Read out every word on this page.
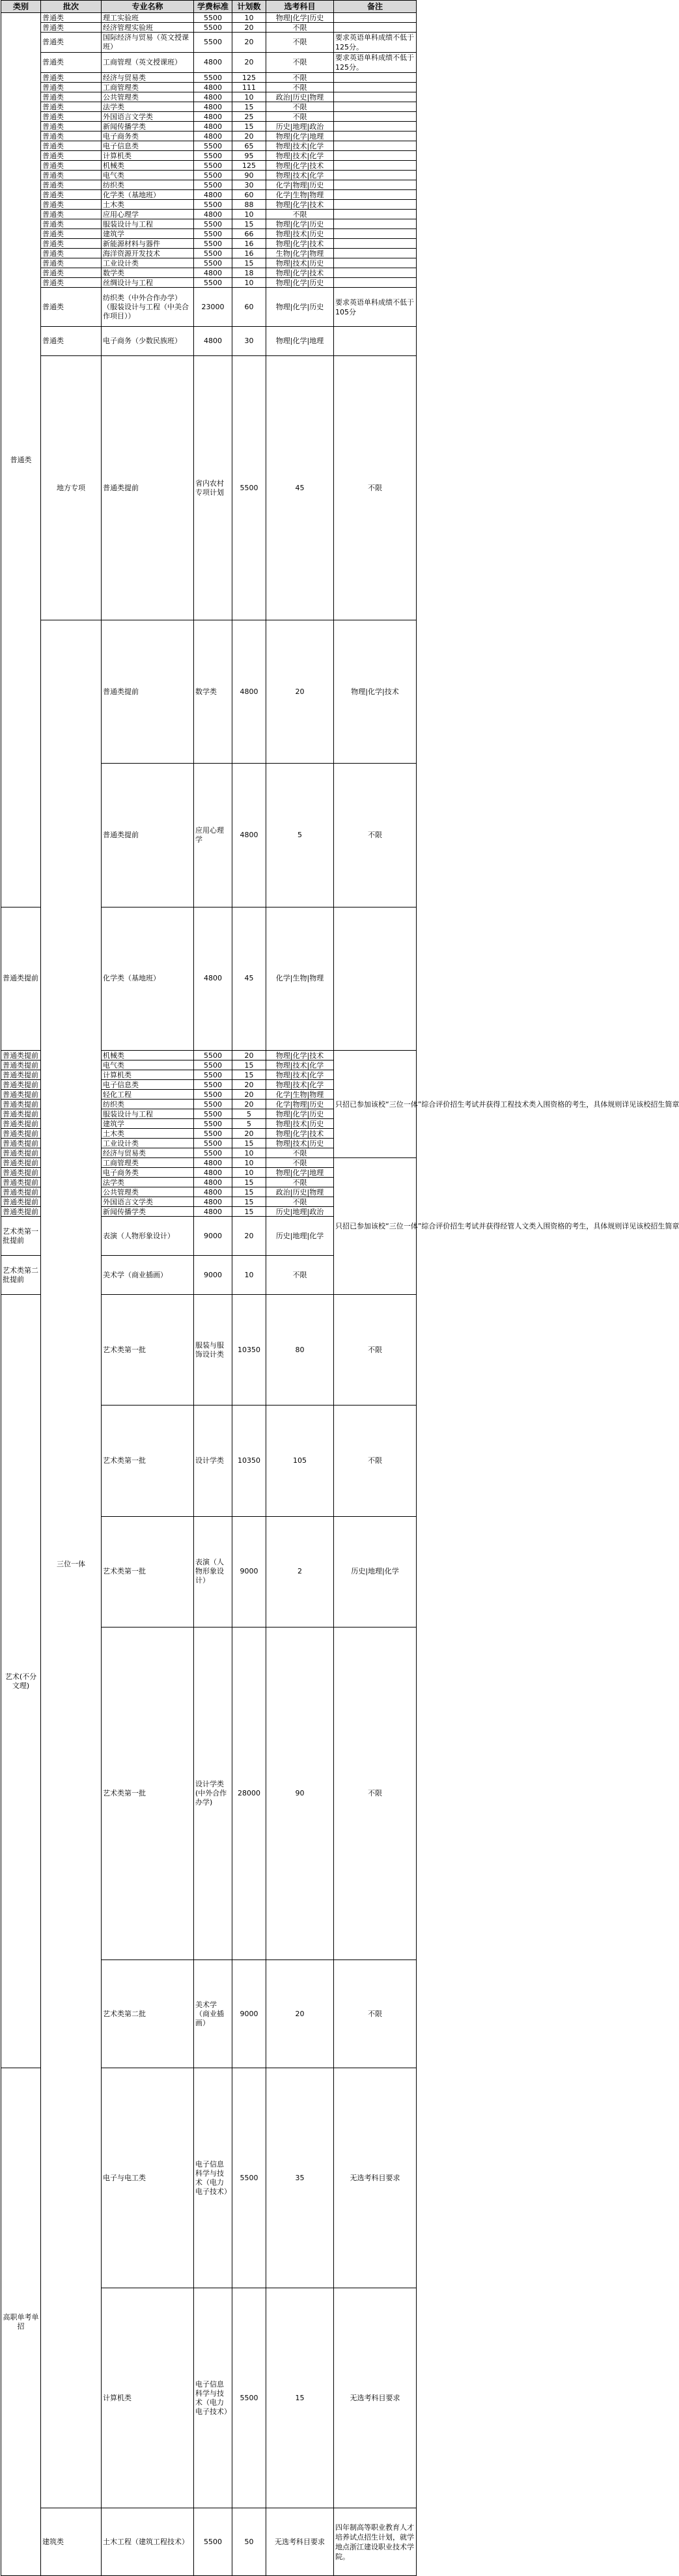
类别	批次	专业名称	学费标准	计划数	选考科目	备注	
普通类	普通类	理工实验班	5500	10	物理|化学|历史		
	普通类	经济管理实验班	5500	20	不限		
	普通类	国际经济与贸易（英文授课班）	5500	20	不限	要求英语单科成绩不低于125分。	
	普通类	工商管理（英文授课班）	4800	20	不限	要求英语单科成绩不低于125分。	
	普通类	经济与贸易类	5500	125	不限		
	普通类	工商管理类	4800	111	不限		
	普通类	公共管理类	4800	10	政治|历史|物理		
	普通类	法学类	4800	15	不限		
	普通类	外国语言文学类	4800	25	不限		
	普通类	新闻传播学类	4800	15	历史|地理|政治		
	普通类	电子商务类	4800	20	物理|化学|地理		
	普通类	电子信息类	5500	65	物理|技术|化学		
	普通类	计算机类	5500	95	物理|技术|化学		
	普通类	机械类	5500	125	物理|化学|技术		
	普通类	电气类	5500	90	物理|技术|化学		
	普通类	纺织类	5500	30	化学|物理|历史		
	普通类	化学类（基地班）	4800	60	化学|生物|物理		
	普通类	土木类	5500	88	物理|化学|技术		
	普通类	应用心理学	4800	10	不限		
	普通类	服装设计与工程	5500	15	物理|化学|历史		
	普通类	建筑学	5500	66	物理|技术|历史		
	普通类	新能源材料与器件	5500	16	物理|化学|技术		
	普通类	海洋资源开发技术	5500	16	生物|化学|物理		
	普通类	工业设计类	5500	15	物理|技术|历史		
	普通类	数学类	4800	18	物理|化学|技术		
	普通类	丝绸设计与工程	5500	10	物理|化学|历史		
	普通类	纺织类（中外合作办学）（服装设计与工程（中美合作项目））	23000	60	物理|化学|历史	要求英语单科成绩不低于105分	
	普通类	电子商务（少数民族班）	4800	30	物理|化学|地理		
	地方专项	普通类提前	省内农村专项计划	5500	45	不限	
	三位一体	普通类提前	数学类	4800	20	物理|化学|技术	
		普通类提前	应用心理学	4800	5	不限	
普通类提前		化学类（基地班）	4800	45	化学|生物|物理		
普通类提前		机械类	5500	20	物理|化学|技术	只招已参加该校“三位一体”综合评价招生考试并获得工程技术类入围资格的考生，具体规则详见该校招生简章	
普通类提前		电气类	5500	15	物理|技术|化学		
普通类提前		计算机类	5500	15	物理|技术|化学		
普通类提前		电子信息类	5500	20	物理|技术|化学		
普通类提前		轻化工程	5500	20	化学|生物|物理		
普通类提前		纺织类	5500	20	化学|物理|历史		
普通类提前		服装设计与工程	5500	5	物理|化学|历史		
普通类提前		建筑学	5500	5	物理|技术|历史		
普通类提前		土木类	5500	20	物理|化学|技术		
普通类提前		工业设计类	5500	15	物理|技术|历史		
普通类提前		经济与贸易类	5500	10	不限		
普通类提前		工商管理类	4800	10	不限	只招已参加该校“三位一体”综合评价招生考试并获得经管人文类入围资格的考生，具体规则详见该校招生简章	
普通类提前		电子商务类	4800	10	物理|化学|地理		
普通类提前		法学类	4800	15	不限		
普通类提前		公共管理类	4800	15	政治|历史|物理		
普通类提前		外国语言文学类	4800	15	不限		
普通类提前		新闻传播学类	4800	15	历史|地理|政治		
艺术类第一批提前		表演（人物形象设计）	9000	20	历史|地理|化学		
艺术类第二批提前		美术学（商业插画）	9000	10	不限		
艺术(不分文理)		艺术类第一批	服装与服饰设计类	10350	80	不限	
		艺术类第一批	设计学类	10350	105	不限	
		艺术类第一批	表演（人物形象设计）	9000	2	历史|地理|化学	
		艺术类第一批	设计学类(中外合作办学)	28000	90	不限	
		艺术类第二批	美术学（商业插画）	9000	20	不限	
高职单考单招		电子与电工类	电子信息科学与技术（电力电子技术）	5500	35	无选考科目要求	
		计算机类	电子信息科学与技术（电力电子技术）	5500	15	无选考科目要求	
	建筑类	土木工程（建筑工程技术）	5500	50	无选考科目要求	四年制高等职业教育人才培养试点招生计划，就学地点浙江建设职业技术学院。	
